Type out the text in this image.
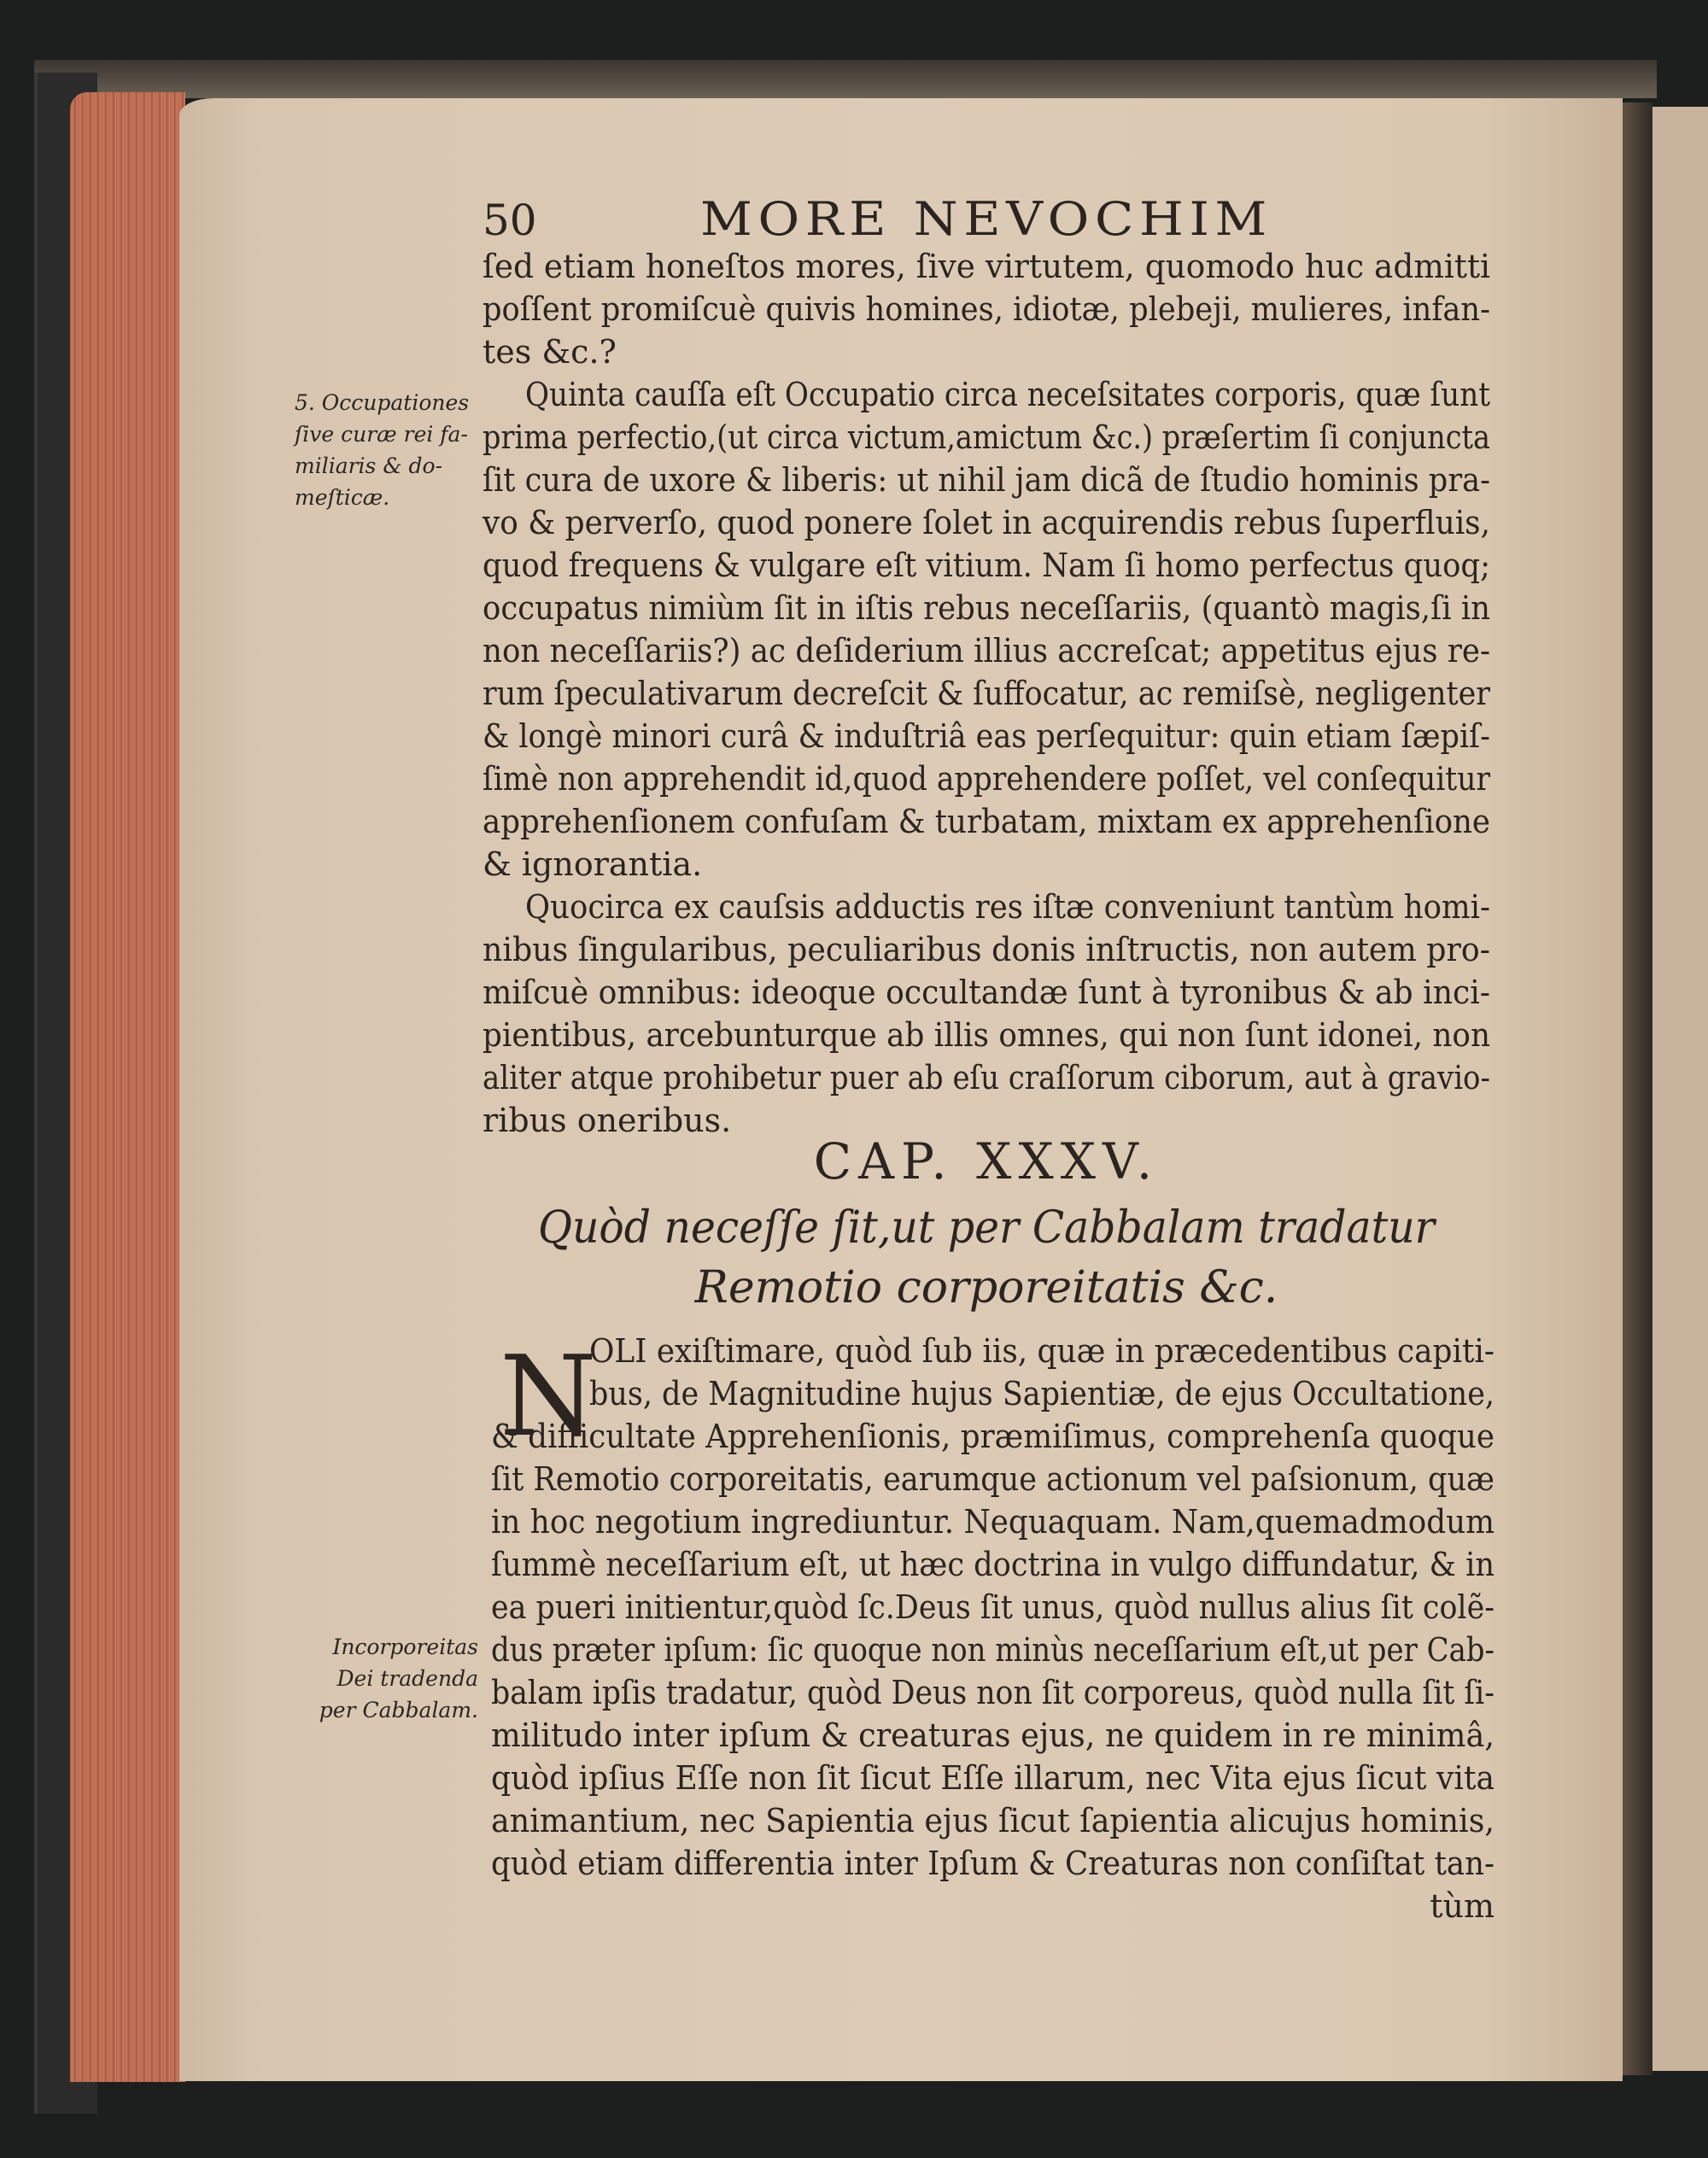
50	MORE NEVOCHIM
5. Occupationes
ſive curæ rei fa-
miliaris & do-
meſticæ.
ſed etiam honeſtos mores, ſive virtutem, quomodo huc admitti
poſſent promiſcuè quivis homines, idiotæ, plebeji, mulieres, infan-
tes &c.?
Quinta cauſſa eſt Occupatio circa neceſsitates corporis, quæ ſunt
prima perfectio,(ut circa victum,amictum &c.) præſertim ſi conjuncta
ſit cura de uxore & liberis: ut nihil jam dicã de ſtudio hominis pra-
vo & perverſo, quod ponere ſolet in acquirendis rebus ſuperfluis,
quod frequens & vulgare eſt vitium. Nam ſi homo perfectus quoq;
occupatus nimiùm ſit in iſtis rebus neceſſariis, (quantò magis,ſi in
non neceſſariis?) ac deſiderium illius accreſcat; appetitus ejus re-
rum ſpeculativarum decreſcit & ſuffocatur, ac remiſsè, negligenter
& longè minori curâ & induſtriâ eas perſequitur: quin etiam ſæpiſ-
ſimè non apprehendit id,quod apprehendere poſſet, vel conſequitur
apprehenſionem confuſam & turbatam, mixtam ex apprehenſione
& ignorantia.
Quocirca ex cauſsis adductis res iſtæ conveniunt tantùm homi-
nibus ſingularibus, peculiaribus donis inſtructis, non autem pro-
miſcuè omnibus: ideoque occultandæ ſunt à tyronibus & ab inci-
pientibus, arcebunturque ab illis omnes, qui non ſunt idonei, non
aliter atque prohibetur puer ab eſu craſſorum ciborum, aut à gravio-
ribus oneribus.
CAP. XXXV.
Quòd neceſſe ſit,ut per Cabbalam tradatur
Remotio corporeitatis &c.
N
OLI exiſtimare, quòd ſub iis, quæ in præcedentibus capiti-
bus, de Magnitudine hujus Sapientiæ, de ejus Occultatione,
& difficultate Apprehenſionis, præmiſimus, comprehenſa quoque
ſit Remotio corporeitatis, earumque actionum vel paſsionum, quæ
in hoc negotium ingrediuntur. Nequaquam. Nam,quemadmodum
ſummè neceſſarium eſt, ut hæc doctrina in vulgo diffundatur, & in
ea pueri initientur,quòd ſc.Deus ſit unus, quòd nullus alius ſit colẽ-
dus præter ipſum: ſic quoque non minùs neceſſarium eſt,ut per Cab-
balam ipſis tradatur, quòd Deus non ſit corporeus, quòd nulla ſit ſi-
militudo inter ipſum & creaturas ejus, ne quidem in re minimâ,
quòd ipſius Eſſe non ſit ſicut Eſſe illarum, nec Vita ejus ſicut vita
animantium, nec Sapientia ejus ſicut ſapientia alicujus hominis,
quòd etiam differentia inter Ipſum & Creaturas non conſiſtat tan-
tùm
Incorporeitas
Dei tradenda
per Cabbalam.
